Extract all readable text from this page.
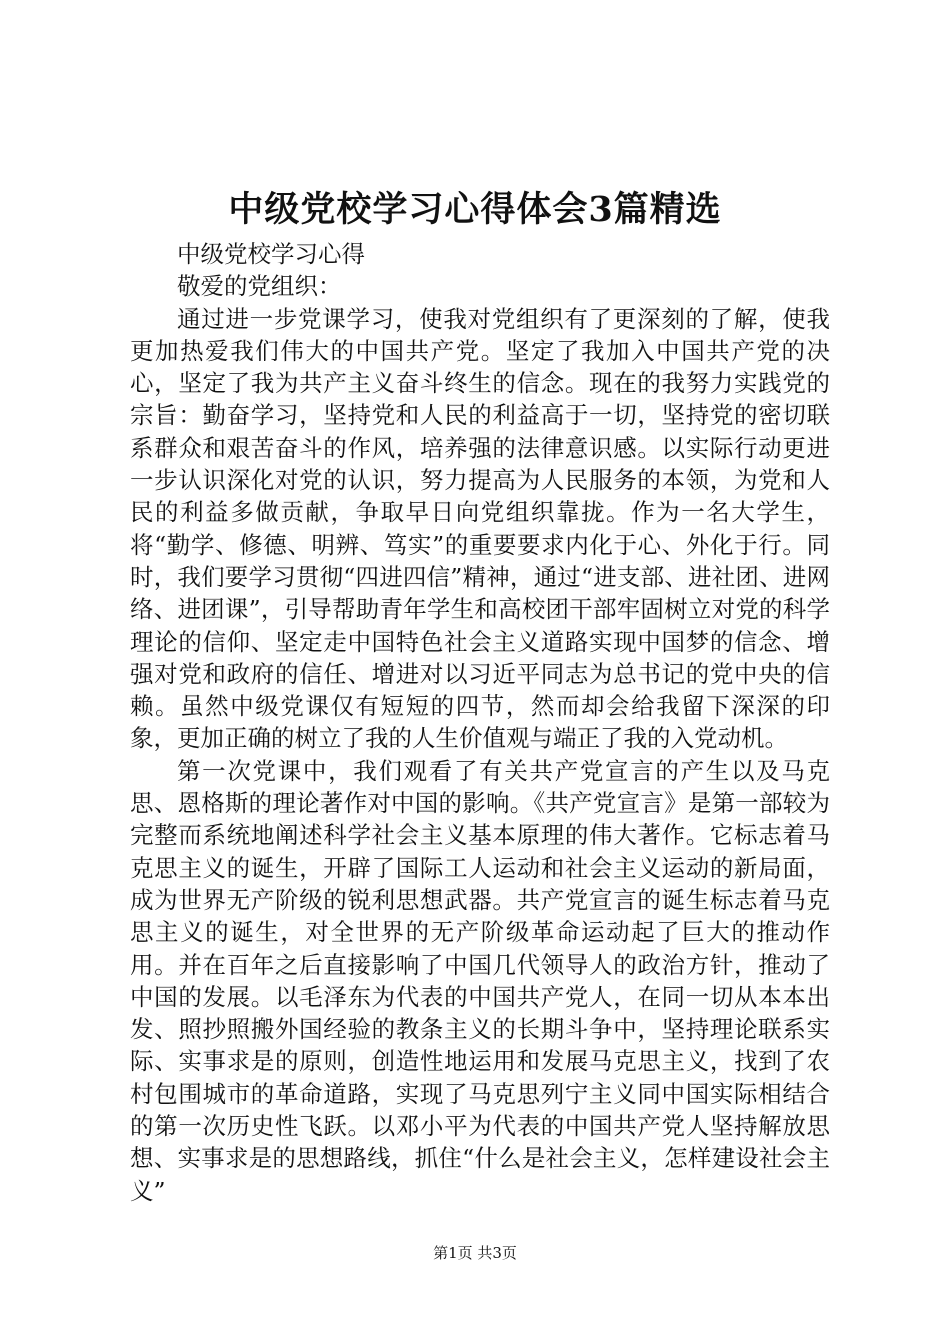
中级党校学习心得体会3篇精选

中级党校学习心得

敬爱的党组织：

通过进一步党课学习，使我对党组织有了更深刻的了解，使我更加热爱我们伟大的中国共产党。坚定了我加入中国共产党的决心，坚定了我为共产主义奋斗终生的信念。现在的我努力实践党的宗旨：勤奋学习，坚持党和人民的利益高于一切，坚持党的密切联系群众和艰苦奋斗的作风，培养强的法律意识感。以实际行动更进一步认识深化对党的认识，努力提高为人民服务的本领，为党和人民的利益多做贡献，争取早日向党组织靠拢。作为一名大学生，将“勤学、修德、明辨、笃实”的重要要求内化于心、外化于行。同时，我们要学习贯彻“四进四信”精神，通过“进支部、进社团、进网络、进团课”，引导帮助青年学生和高校团干部牢固树立对党的科学理论的信仰、坚定走中国特色社会主义道路实现中国梦的信念、增强对党和政府的信任、增进对以习近平同志为总书记的党中央的信赖。虽然中级党课仅有短短的四节，然而却会给我留下深深的印象，更加正确的树立了我的人生价值观与端正了我的入党动机。

第一次党课中，我们观看了有关共产党宣言的产生以及马克思、恩格斯的理论著作对中国的影响。《共产党宣言》是第一部较为完整而系统地阐述科学社会主义基本原理的伟大著作。它标志着马克思主义的诞生，开辟了国际工人运动和社会主义运动的新局面，成为世界无产阶级的锐利思想武器。共产党宣言的诞生标志着马克思主义的诞生，对全世界的无产阶级革命运动起了巨大的推动作用。并在百年之后直接影响了中国几代领导人的政治方针，推动了中国的发展。以毛泽东为代表的中国共产党人，在同一切从本本出发、照抄照搬外国经验的教条主义的长期斗争中，坚持理论联系实际、实事求是的原则，创造性地运用和发展马克思主义，找到了农村包围城市的革命道路，实现了马克思列宁主义同中国实际相结合的第一次历史性飞跃。以邓小平为代表的中国共产党人坚持解放思想、实事求是的思想路线，抓住“什么是社会主义，怎样建设社会主义”

第1页 共3页
